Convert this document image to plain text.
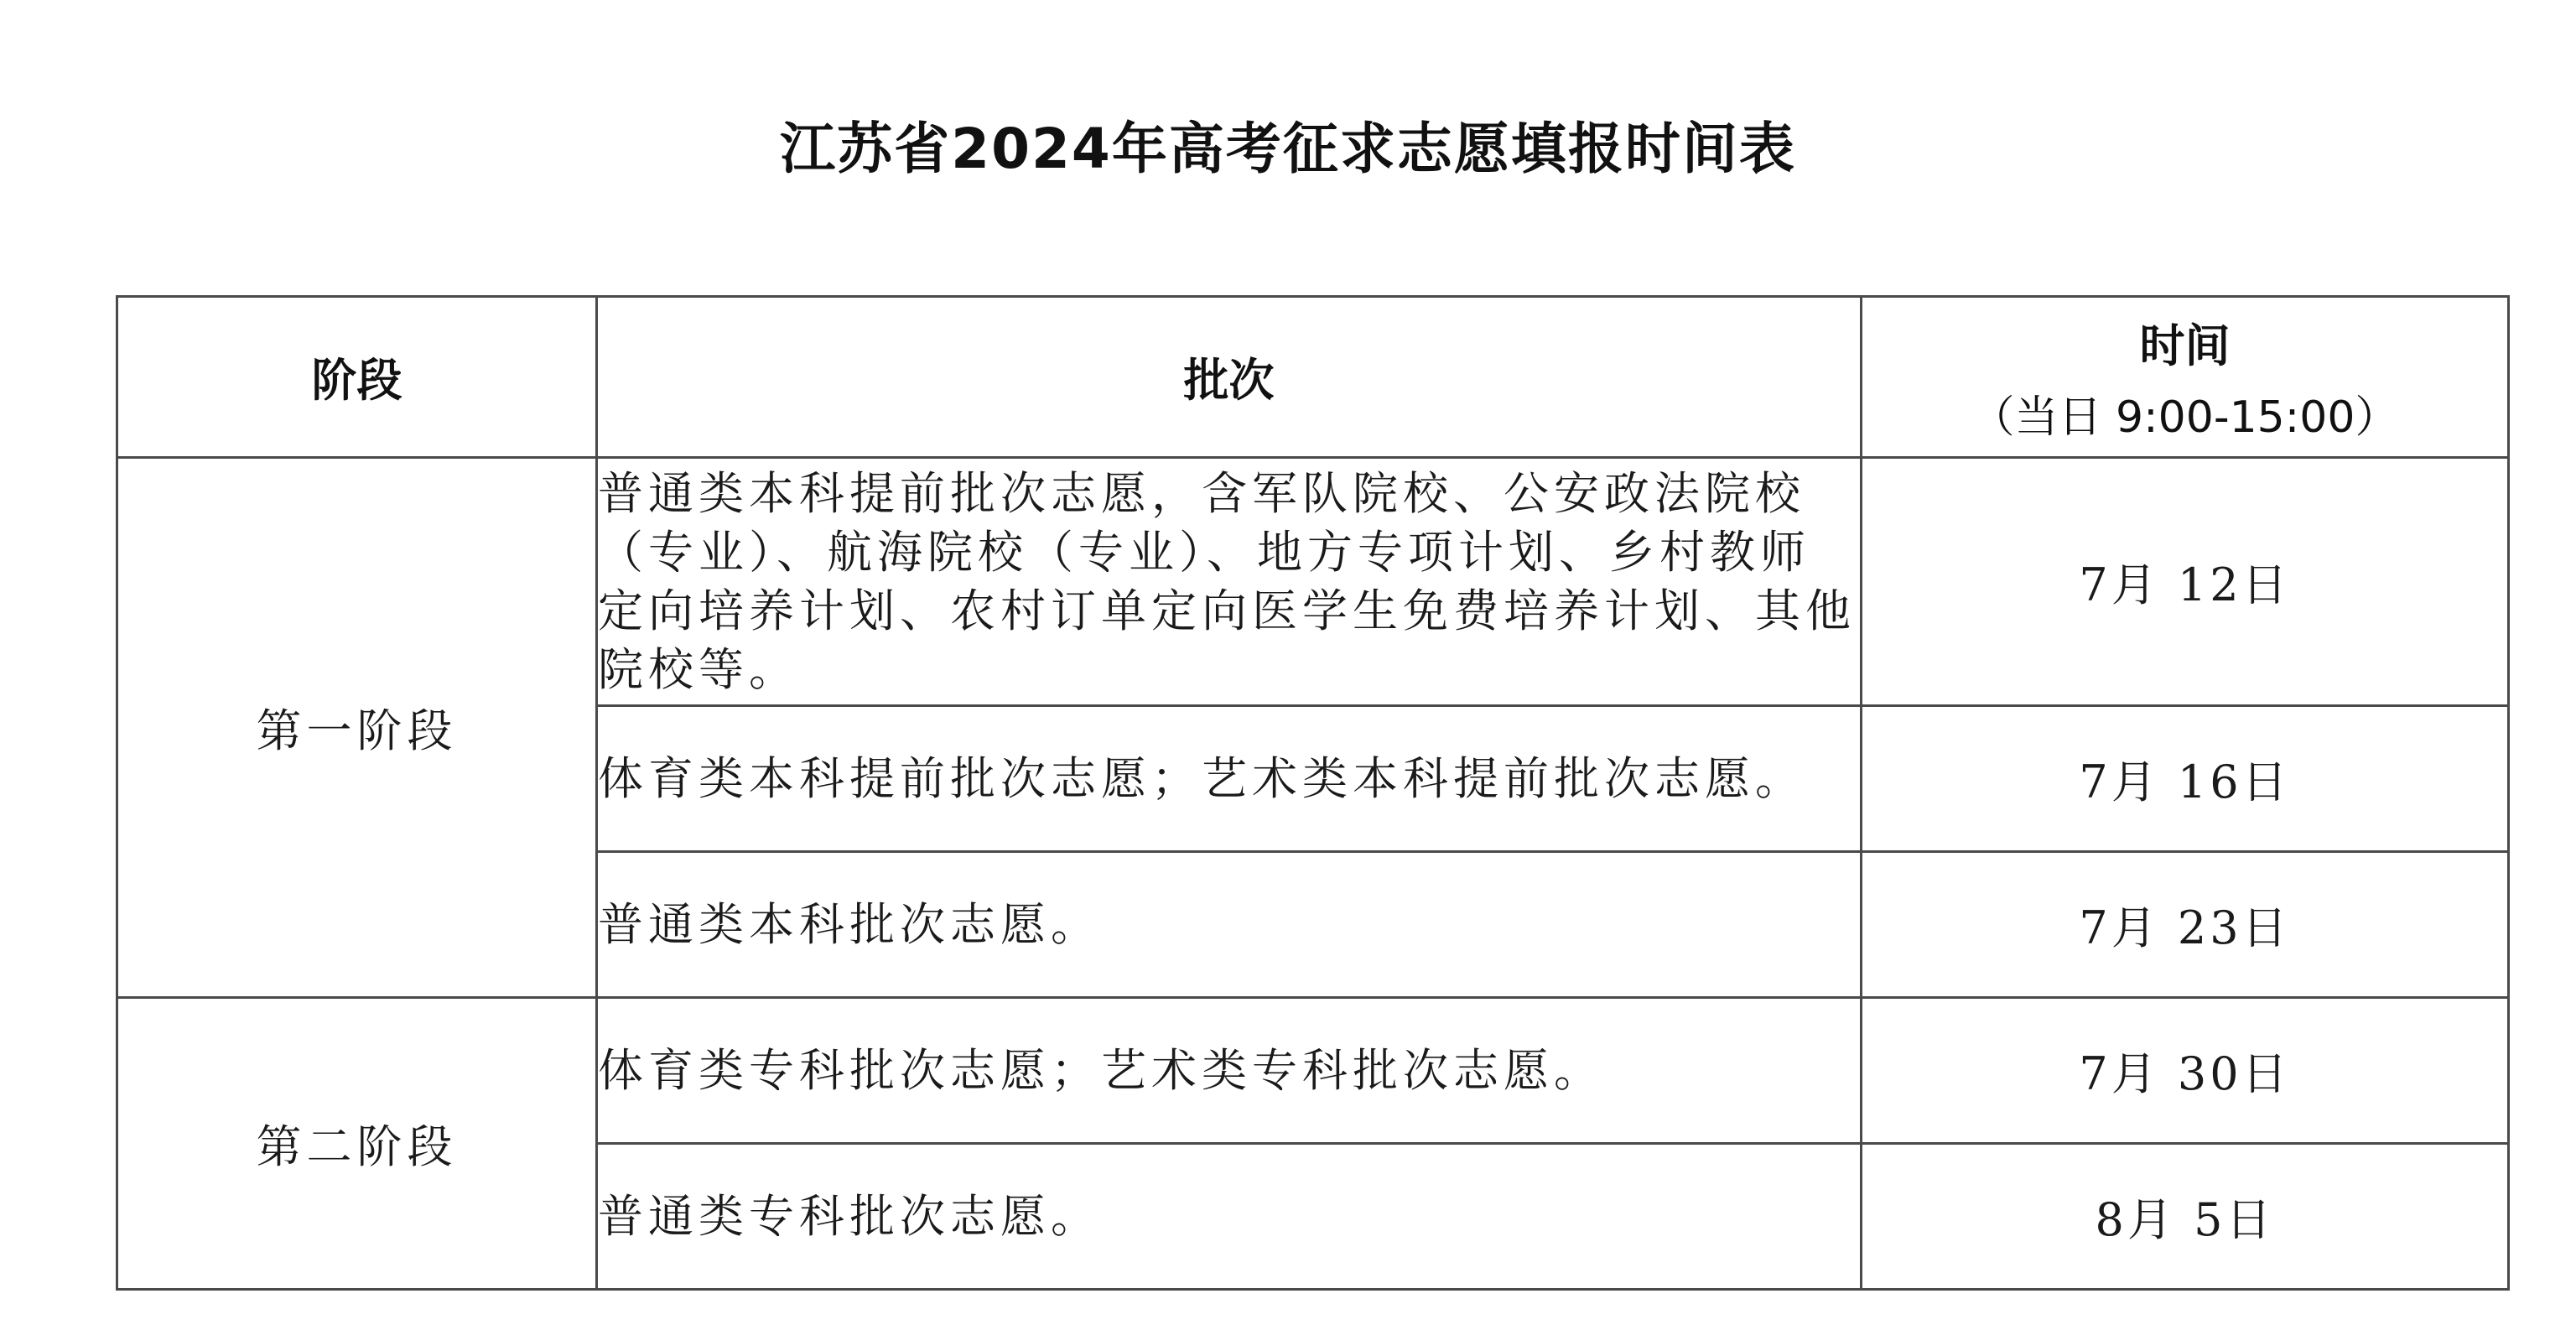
江苏省2024年高考征求志愿填报时间表
阶段	批次	时间
（当日 9:00-15:00）

第一阶段	普通类本科提前批次志愿，含军队院校、公安政法院校（专业）、航海院校（专业）、地方专项计划、乡村教师定向培养计划、农村订单定向医学生免费培养计划、其他院校等。	7月 12日
	体育类本科提前批次志愿；艺术类本科提前批次志愿。	7月 16日
	普通类本科批次志愿。	7月 23日
第二阶段	体育类专科批次志愿；艺术类专科批次志愿。	7月 30日
	普通类专科批次志愿。	8月 5日
